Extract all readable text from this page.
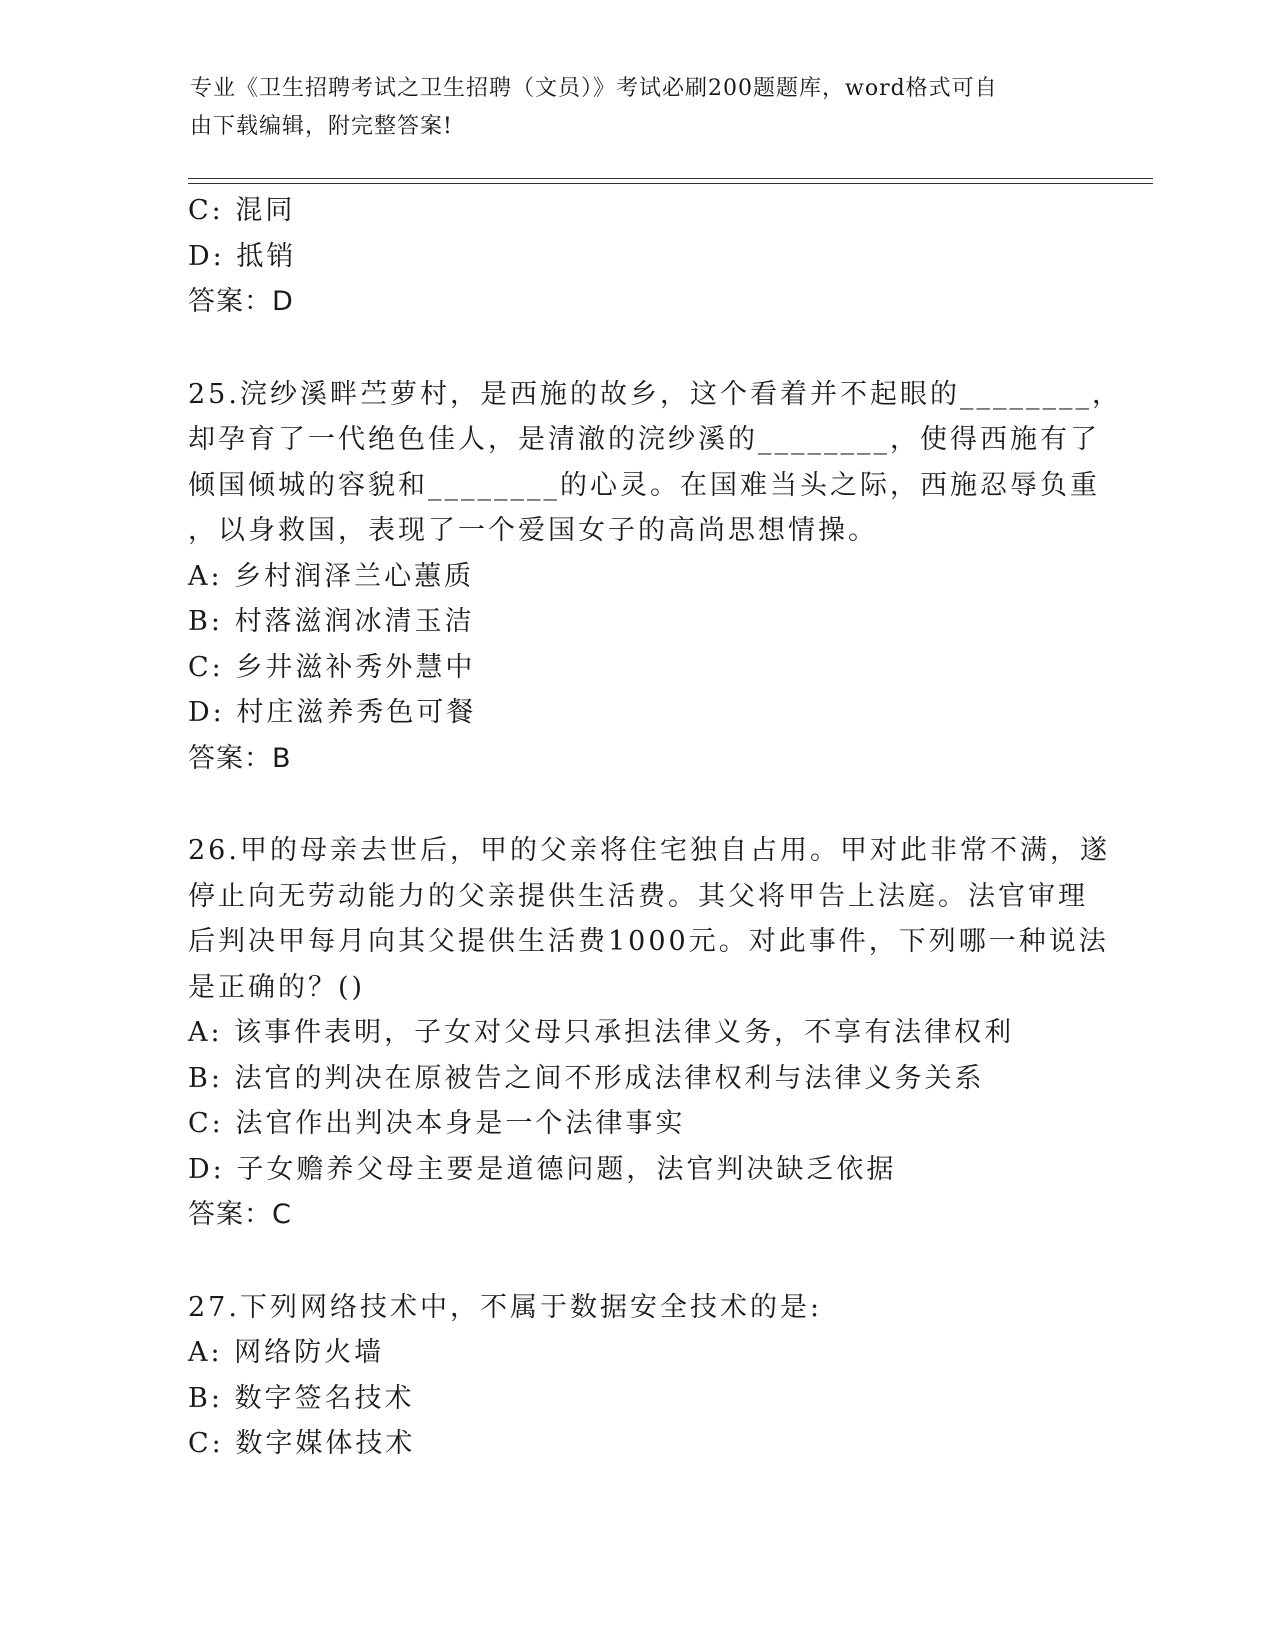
专业《卫生招聘考试之卫生招聘（文员）》考试必刷200题题库，word格式可自
由下载编辑，附完整答案!
C: 混同
D: 抵销
答案：D
25.浣纱溪畔苎萝村，是西施的故乡，这个看着并不起眼的________，
却孕育了一代绝色佳人，是清澈的浣纱溪的________，使得西施有了
倾国倾城的容貌和________的心灵。在国难当头之际，西施忍辱负重
，以身救国，表现了一个爱国女子的高尚思想情操。
A: 乡村润泽兰心蕙质
B: 村落滋润冰清玉洁
C: 乡井滋补秀外慧中
D: 村庄滋养秀色可餐
答案：B
26.甲的母亲去世后，甲的父亲将住宅独自占用。甲对此非常不满，遂
停止向无劳动能力的父亲提供生活费。其父将甲告上法庭。法官审理
后判决甲每月向其父提供生活费1000元。对此事件，下列哪一种说法
是正确的？()
A: 该事件表明，子女对父母只承担法律义务，不享有法律权利
B: 法官的判决在原被告之间不形成法律权利与法律义务关系
C: 法官作出判决本身是一个法律事实
D: 子女赡养父母主要是道德问题，法官判决缺乏依据
答案：C
27.下列网络技术中，不属于数据安全技术的是:
A: 网络防火墙
B: 数字签名技术
C: 数字媒体技术
